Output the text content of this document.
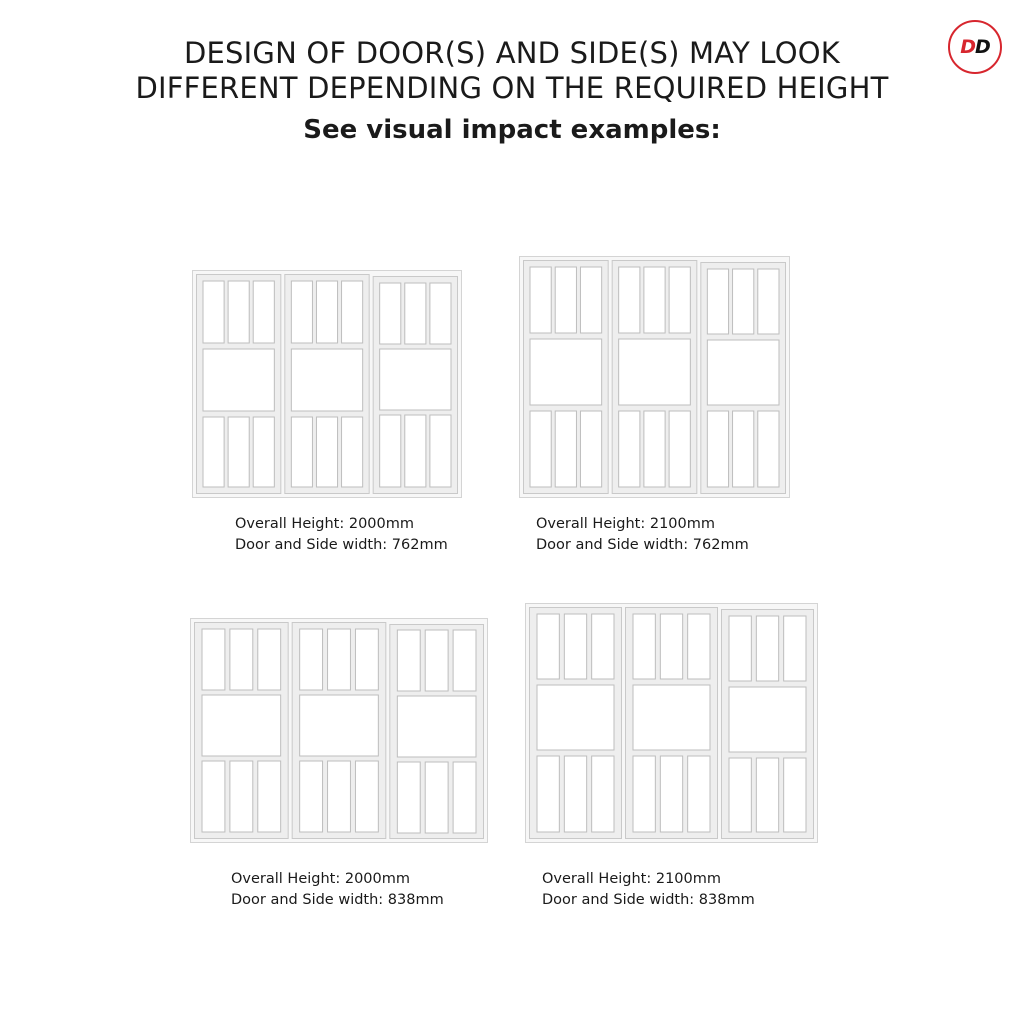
DESIGN OF DOOR(S) AND SIDE(S) MAY LOOK
DIFFERENT DEPENDING ON THE REQUIRED HEIGHT
See visual impact examples:
D D
Overall Height: 2000mm
Door and Side width: 762mm
Overall Height: 2100mm
Door and Side width: 762mm
Overall Height: 2000mm
Door and Side width: 838mm
Overall Height: 2100mm
Door and Side width: 838mm
